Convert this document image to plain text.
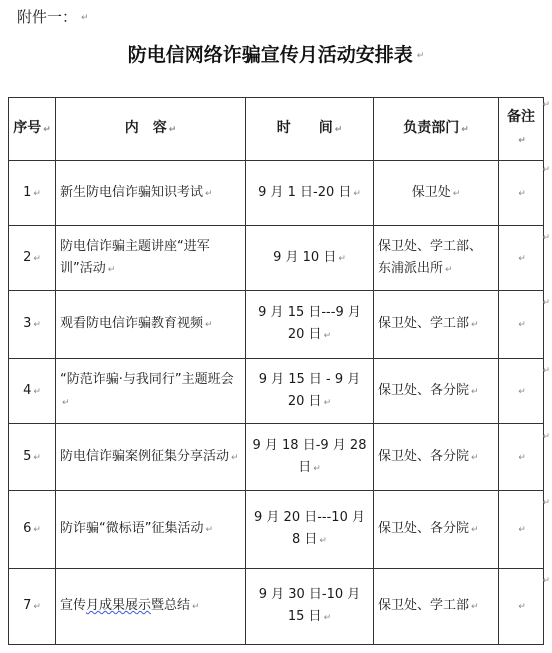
附件一： ↵
防电信网络诈骗宣传月活动安排表 ↵
序号 ↵	内　容 ↵	时　　间 ↵	负责部门 ↵	备注↵
1 ↵	新生防电信诈骗知识考试 ↵	9 月 1 日-20 日 ↵	保卫处 ↵	↵
2 ↵	防电信诈骗主题讲座“进军训”活动 ↵	9 月 10 日 ↵	保卫处、学工部、东浦派出所 ↵	↵
3 ↵	观看防电信诈骗教育视频 ↵	9 月 15 日---9 月 20 日 ↵	保卫处、学工部 ↵	↵
4 ↵	“防范诈骗·与我同行”主题班会↵	9 月 15 日 - 9 月 20 日 ↵	保卫处、各分院 ↵	↵
5 ↵	防电信诈骗案例征集分享活动 ↵	9 月 18 日-9 月 28 日 ↵	保卫处、各分院 ↵	↵
6 ↵	防诈骗“微标语”征集活动 ↵	9 月 20 日---10 月 8 日 ↵	保卫处、各分院 ↵	↵
7 ↵	宣传月成果展示暨总结 ↵	9 月 30 日-10 月 15 日 ↵	保卫处、学工部 ↵	↵
↵
↵
↵
↵
↵
↵
↵
↵
